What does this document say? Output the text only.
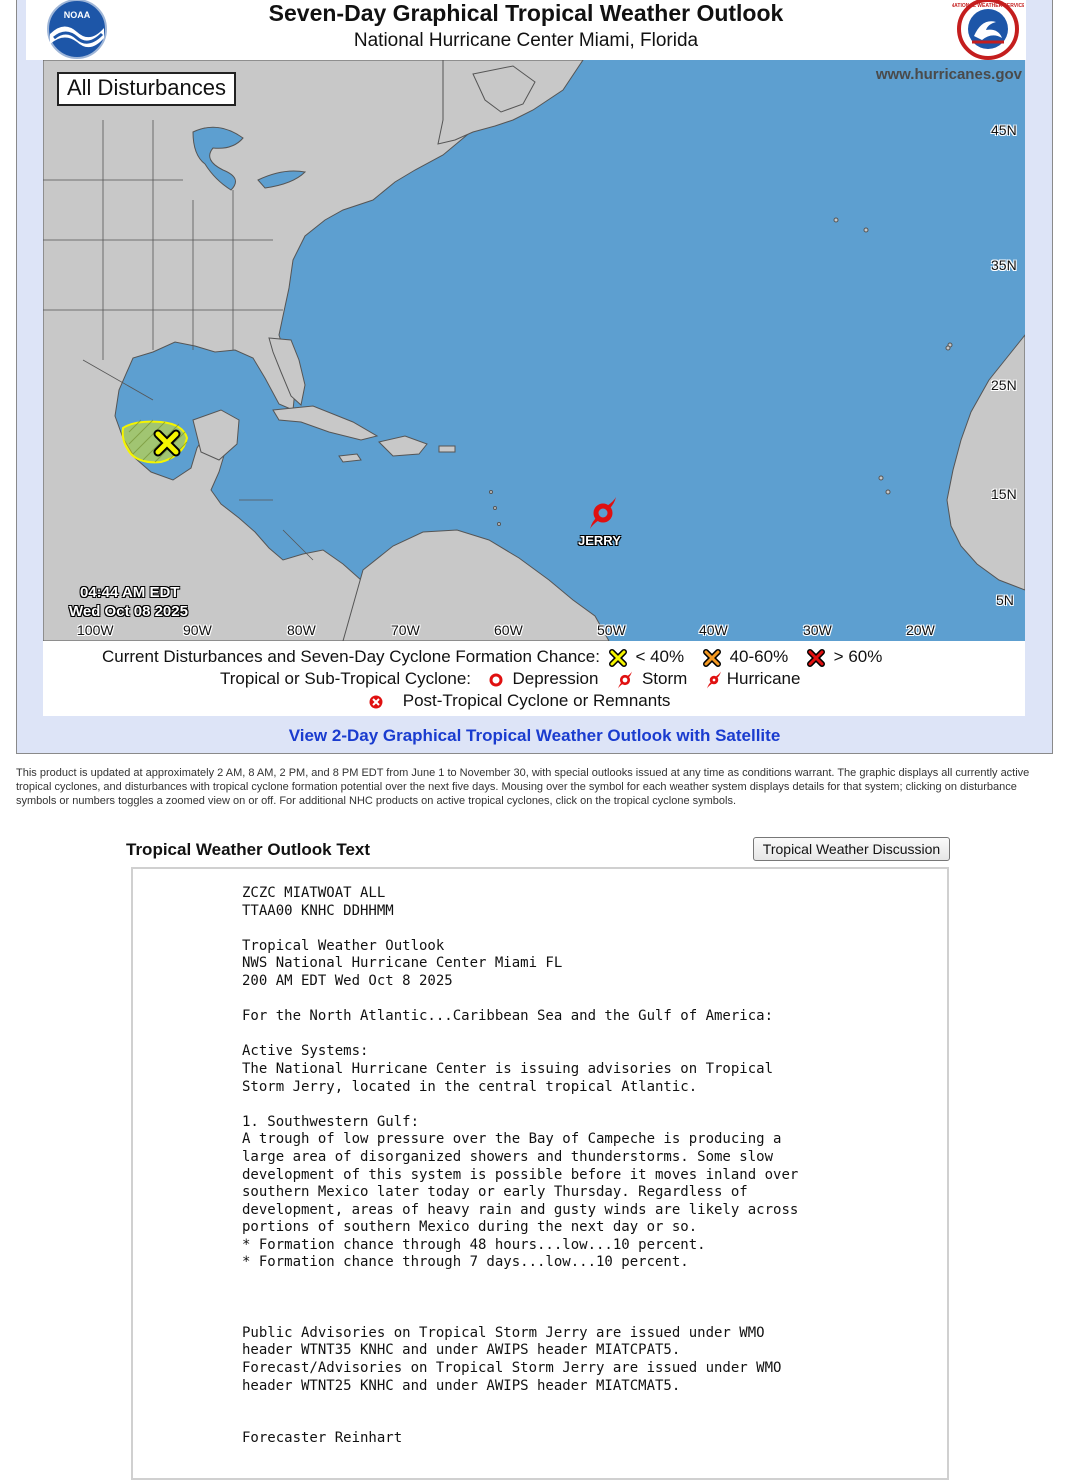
NOAA	Seven-Day Graphical Tropical Weather Outlook
National Hurricane Center Miami, Florida
NATIONAL WEATHER SERVICE
All Disturbances
www.hurricanes.gov
45N
35N
25N
15N
5N
100W	90W	80W	70W	60W	50W	40W	30W	20W
04:44 AM EDT
Wed Oct 08 2025
JERRY
Current Disturbances and Seven-Day Cyclone Formation Chance: < 40%	40-60%	> 60%
Tropical or Sub-Tropical Cyclone: Depression	Storm Hurricane
Post-Tropical Cyclone or Remnants
View 2-Day Graphical Tropical Weather Outlook with Satellite
This product is updated at approximately 2 AM, 8 AM, 2 PM, and 8 PM EDT from June 1 to November 30, with special outlooks issued at any time as conditions warrant. The graphic displays all currently active tropical cyclones, and disturbances with tropical cyclone formation potential over the next five days. Mousing over the symbol for each weather system displays details for that system; clicking on disturbance symbols or numbers toggles a zoomed view on or off. For additional NHC products on active tropical cyclones, click on the tropical cyclone symbols.
Tropical Weather Outlook Text	Tropical Weather Discussion
ZCZC MIATWOAT ALL
TTAA00 KNHC DDHHMM

Tropical Weather Outlook
NWS National Hurricane Center Miami FL
200 AM EDT Wed Oct 8 2025

For the North Atlantic...Caribbean Sea and the Gulf of America:

Active Systems:
The National Hurricane Center is issuing advisories on Tropical
Storm Jerry, located in the central tropical Atlantic.

1. Southwestern Gulf:
A trough of low pressure over the Bay of Campeche is producing a
large area of disorganized showers and thunderstorms. Some slow
development of this system is possible before it moves inland over
southern Mexico later today or early Thursday. Regardless of
development, areas of heavy rain and gusty winds are likely across
portions of southern Mexico during the next day or so.
* Formation chance through 48 hours...low...10 percent.
* Formation chance through 7 days...low...10 percent.

Public Advisories on Tropical Storm Jerry are issued under WMO
header WTNT35 KNHC and under AWIPS header MIATCPAT5.
Forecast/Advisories on Tropical Storm Jerry are issued under WMO
header WTNT25 KNHC and under AWIPS header MIATCMAT5.

Forecaster Reinhart
